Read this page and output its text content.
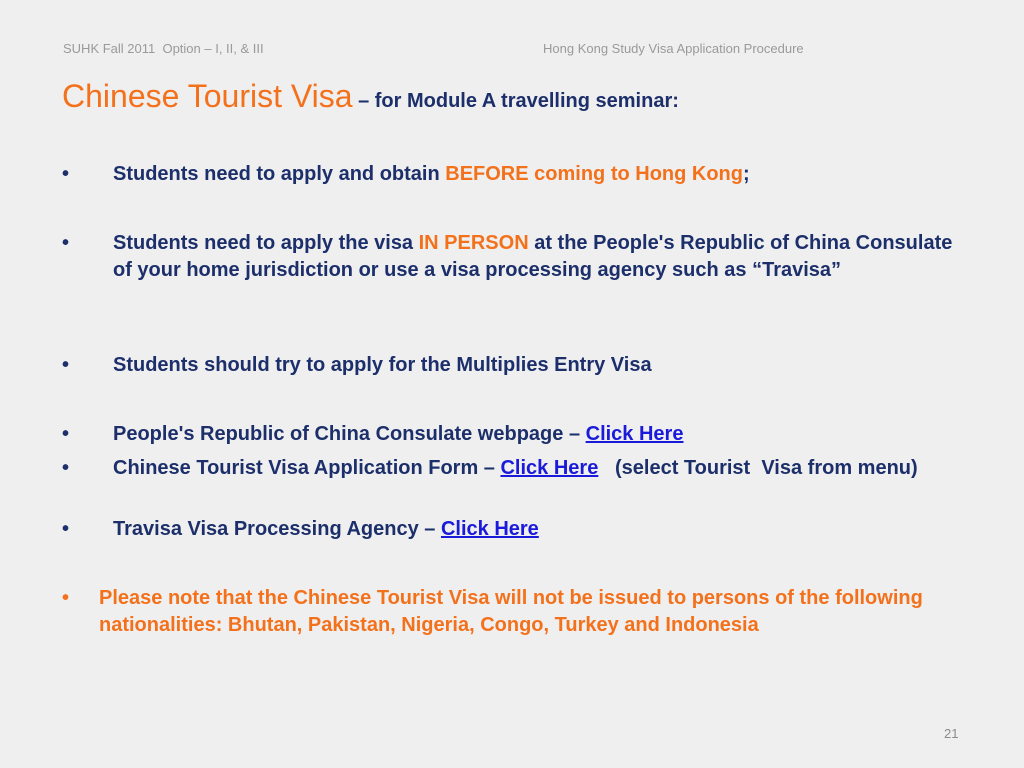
SUHK Fall 2011  Option – I, II, & III	Hong Kong Study Visa Application Procedure
Chinese Tourist Visa – for Module A travelling seminar:
• Students need to apply and obtain BEFORE coming to Hong Kong;
• Students need to apply the visa IN PERSON at the People's Republic of China Consulate of your home jurisdiction or use a visa processing agency such as “Travisa”
• Students should try to apply for the Multiplies Entry Visa
• People's Republic of China Consulate webpage – Click Here
• Chinese Tourist Visa Application Form – Click Here   (select Tourist  Visa from menu)
• Travisa Visa Processing Agency – Click Here
• Please note that the Chinese Tourist Visa will not be issued to persons of the following nationalities: Bhutan, Pakistan, Nigeria, Congo, Turkey and Indonesia
21
